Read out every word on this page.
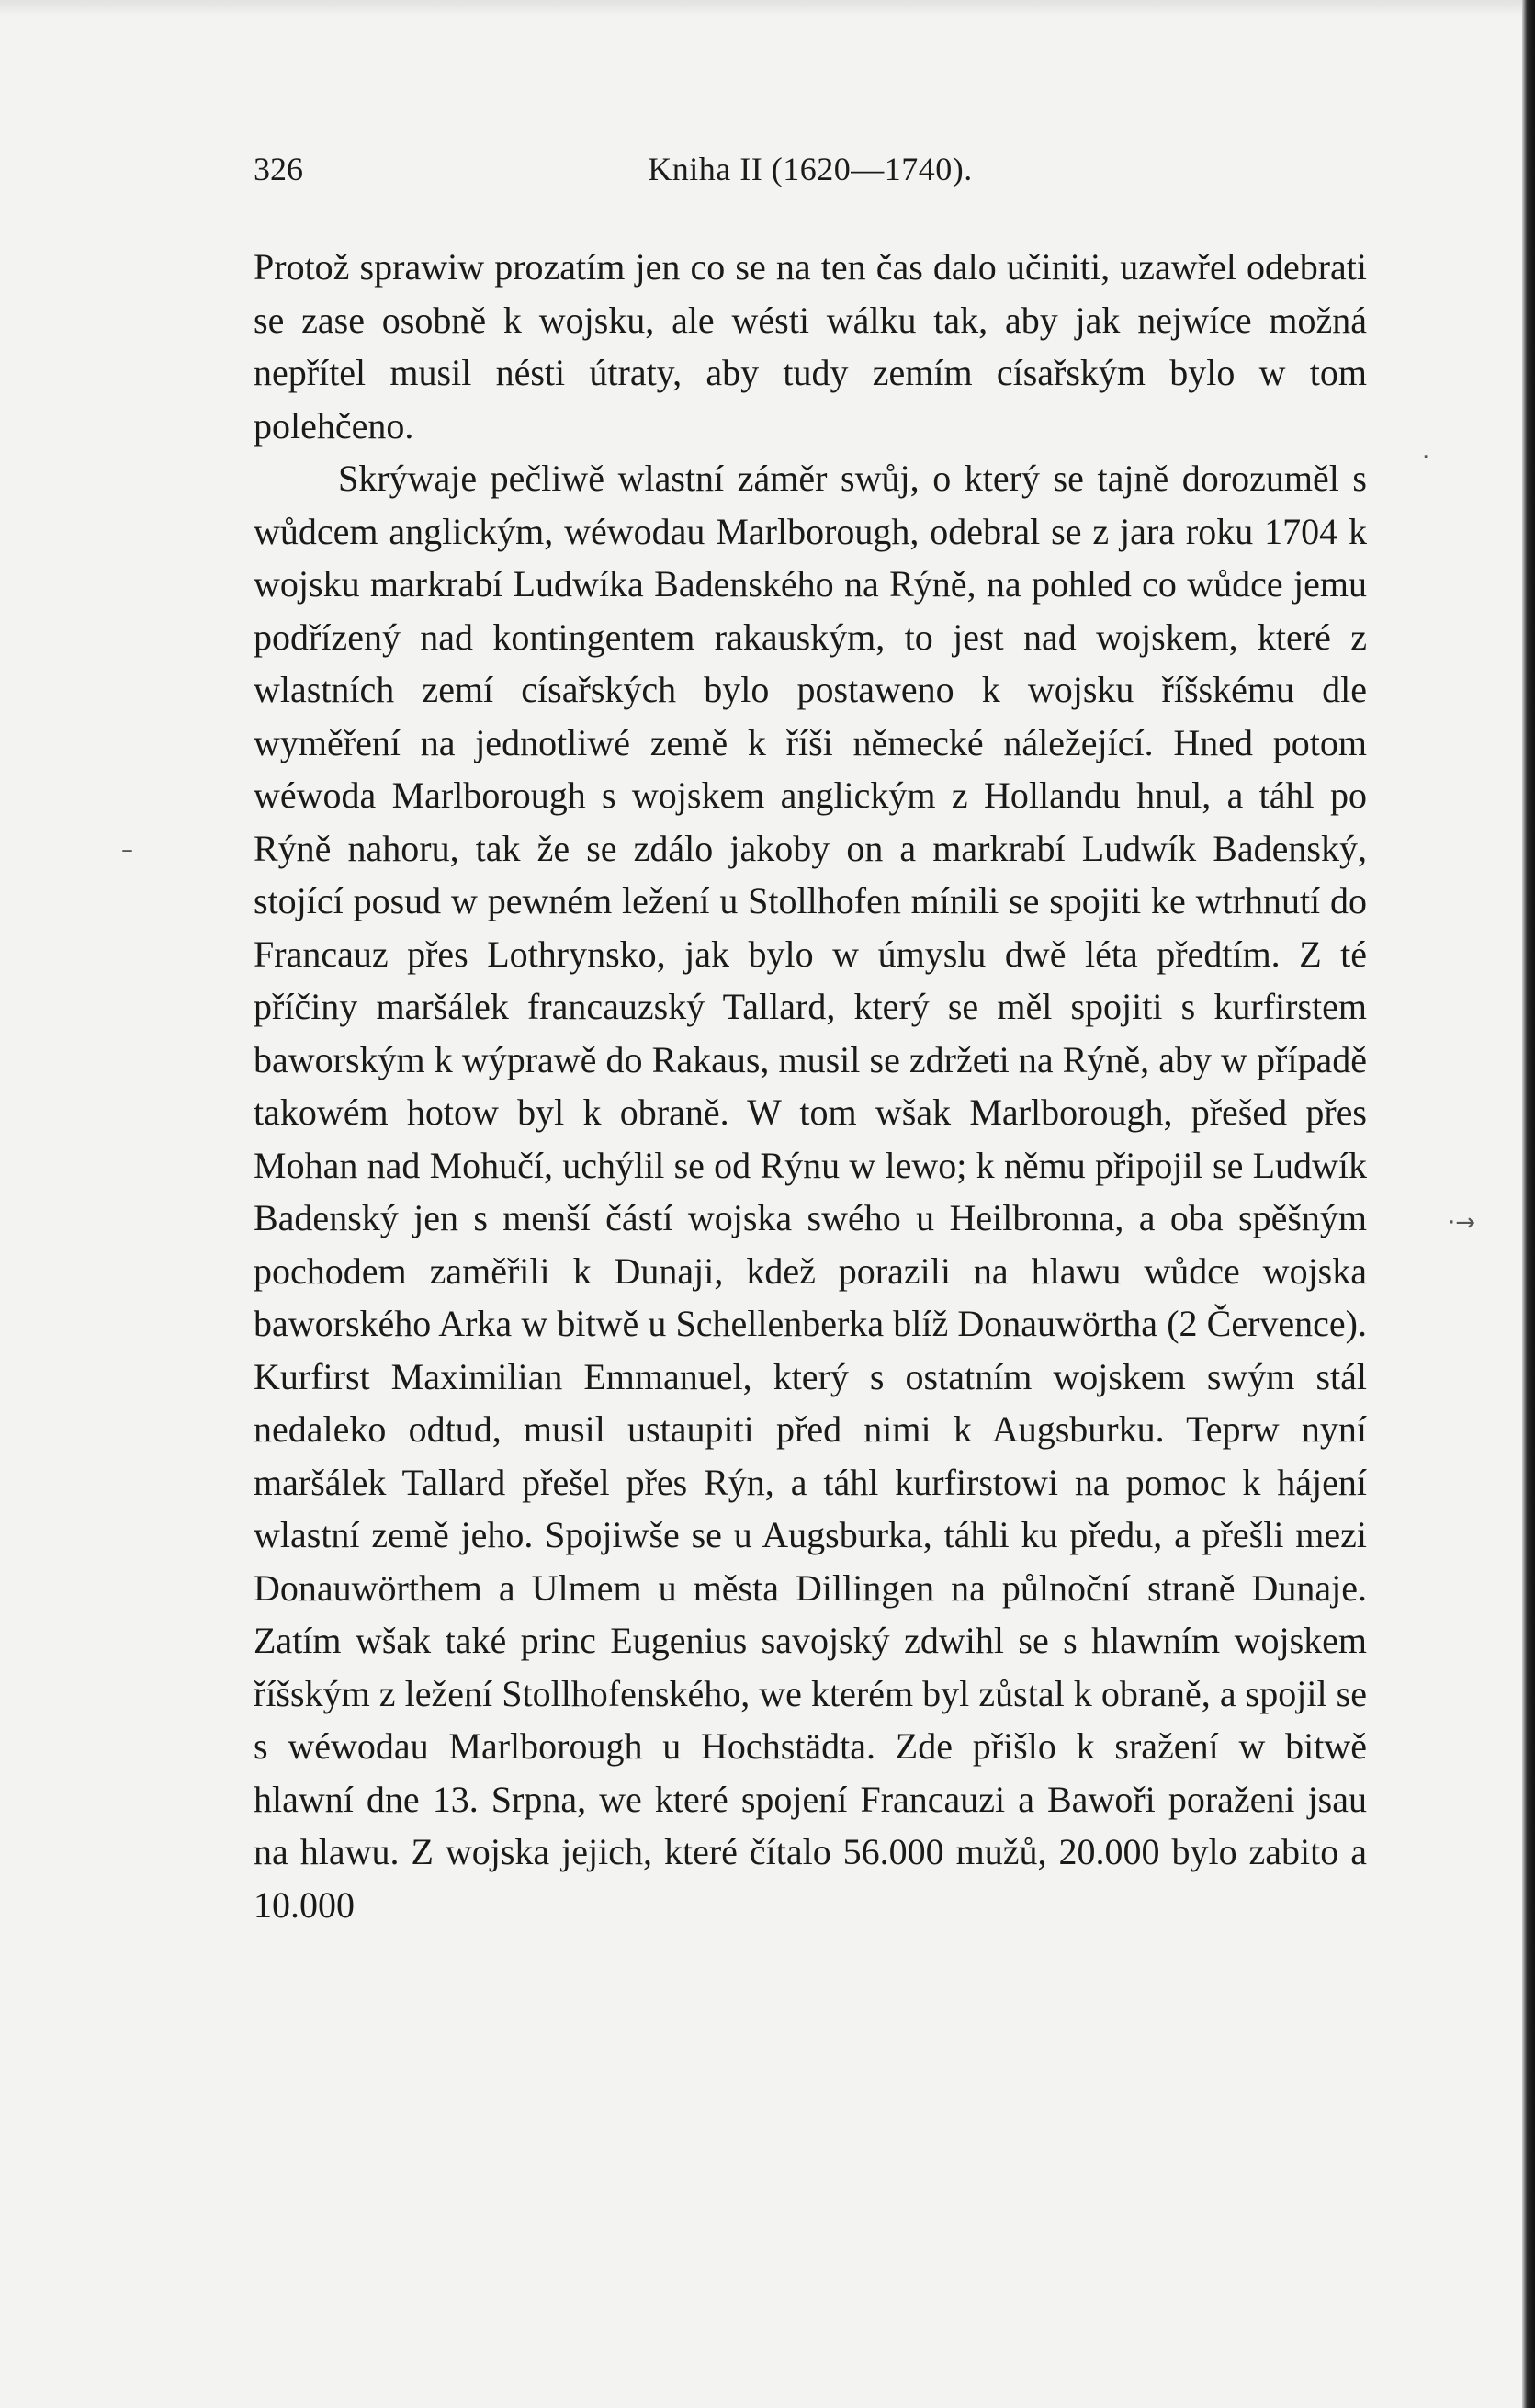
326	Kniha II (1620—1740).

Protož sprawiw prozatím jen co se na ten čas dalo učiniti, uzawřel odebrati se zase osobně k wojsku, ale wésti wálku tak, aby jak nejwíce možná nepřítel musil nésti útraty, aby tudy zemím císařským bylo w tom polehčeno.

Skrýwaje pečliwě wlastní záměr swůj, o který se tajně dorozuměl s wůdcem anglickým, wéwodau Marlborough, odebral se z jara roku 1704 k wojsku markrabí Ludwíka Badenského na Rýně, na pohled co wůdce jemu podřízený nad kontingentem rakauským, to jest nad wojskem, které z wlastních zemí císařských bylo postaweno k wojsku říšskému dle wyměření na jednotliwé země k říši německé náležející. Hned potom wéwoda Marlborough s wojskem anglickým z Hollandu hnul, a táhl po Rýně nahoru, tak že se zdálo jakoby on a markrabí Ludwík Badenský, stojící posud w pewném ležení u Stollhofen mínili se spojiti ke wtrhnutí do Francauz přes Lothrynsko, jak bylo w úmyslu dwě léta předtím. Z té příčiny maršálek francauzský Tallard, který se měl spojiti s kurfirstem baworským k wýprawě do Rakaus, musil se zdržeti na Rýně, aby w případě takowém hotow byl k obraně. W tom wšak Marlborough, přešed přes Mohan nad Mohučí, uchýlil se od Rýnu w lewo; k němu připojil se Ludwík Badenský jen s menší částí wojska swého u Heilbronna, a oba spěšným pochodem zaměřili k Dunaji, kdež porazili na hlawu wůdce wojska baworského Arka w bitwě u Schellenberka blíž Donauwörtha (2 Července). Kurfirst Maximilian Emmanuel, který s ostatním wojskem swým stál nedaleko odtud, musil ustaupiti před nimi k Augsburku. Teprw nyní maršálek Tallard přešel přes Rýn, a táhl kurfirstowi na pomoc k hájení wlastní země jeho. Spojiwše se u Augsburka, táhli ku předu, a přešli mezi Donauwörthem a Ulmem u města Dillingen na půlnoční straně Dunaje. Zatím wšak také princ Eugenius savojský zdwihl se s hlawním wojskem říšským z ležení Stollhofenského, we kterém byl zůstal k obraně, a spojil se s wéwodau Marlborough u Hochstädta. Zde přišlo k sražení w bitwě hlawní dne 13. Srpna, we které spojení Francauzi a Bawoři poraženi jsau na hlawu. Z wojska jejich, které čítalo 56.000 mužů, 20.000 bylo zabito a 10.000

·
–
·→
